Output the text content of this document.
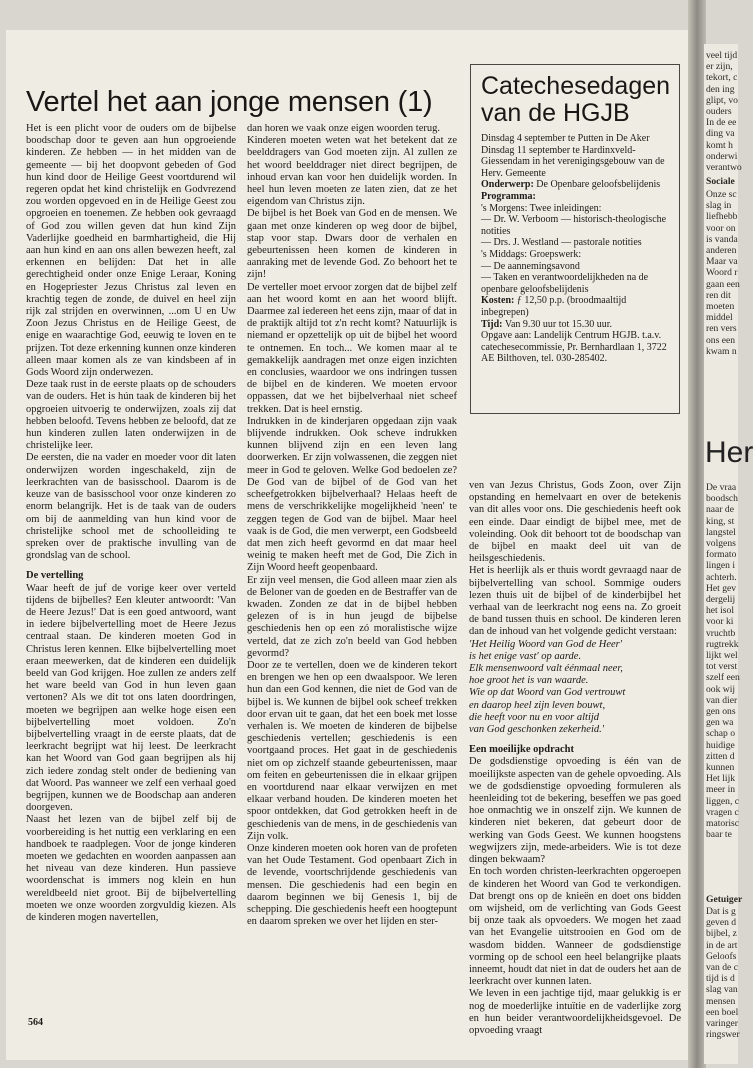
veel tijd
er zijn,
tekort, c
den ing
glipt, vo
ouders
In de ee
ding va
komt h
onderwi
verantwo
Sociale
Onze sc
slag in
liefhebb
voor on
is vanda
anderen
Maar va
Woord r
gaan een
ren dit
moeten
middel
ren vers
ons een
kwam n
Her
De vraa
boodsch
naar de
king, st
langstel
volgens
formato
lingen i
achterh.
Het gev
dergelij
het isol
voor ki
vruchtb
rugtrekk
lijkt wel
tot verst
szelf een
ook wij
van dier
gen ons
gen wa
schap o
huidige
zitten d
kunnen
Het lijk
meer in
liggen, c
vragen c
matorisc
baar te
Getuiger
Dat is g
geven d
bijbel, z
in de art
Geloofs
van de c
tijd is d
slag van
mensen
een boel
varinger
ringswer
Vertel het aan jonge mensen (1)

Het is een plicht voor de ouders om de bijbelse boodschap door te geven aan hun opgroeiende kinderen. Ze hebben — in het midden van de gemeente — bij het doopvont gebeden of God hun kind door de Heilige Geest voortdurend wil regeren opdat het kind christelijk en Godvrezend zou worden opgevoed en in de Heilige Geest zou opgroeien en toenemen. Ze hebben ook gevraagd of God zou willen geven dat hun kind Zijn Vaderlijke goedheid en barmhartigheid, die Hij aan hun kind en aan ons allen bewezen heeft, zal erkennen en belijden: Dat het in alle gerechtigheid onder onze Enige Leraar, Koning en Hogepriester Jezus Christus zal leven en krachtig tegen de zonde, de duivel en heel zijn rijk zal strijden en overwinnen, ...om U en Uw Zoon Jezus Christus en de Heilige Geest, de enige en waarachtige God, eeuwig te loven en te prijzen. Tot deze erkenning kunnen onze kinderen alleen maar komen als ze van kindsbeen af in Gods Woord zijn onderwezen.

Deze taak rust in de eerste plaats op de schouders van de ouders. Het is hún taak de kinderen bij het opgroeien uitvoerig te onderwijzen, zoals zij dat hebben beloofd. Tevens hebben ze beloofd, dat ze hun kinderen zullen laten onderwijzen in de christelijke leer.

De eersten, die na vader en moeder voor dit laten onderwijzen worden ingeschakeld, zijn de leerkrachten van de basisschool. Daarom is de keuze van de basisschool voor onze kinderen zo enorm belangrijk. Het is de taak van de ouders om bij de aanmelding van hun kind voor de christelijke school met de schoolleiding te spreken over de praktische invulling van de grondslag van de school.

De vertelling

Waar heeft de juf de vorige keer over verteld tijdens de bijbelles? Een kleuter antwoordt: 'Van de Heere Jezus!' Dat is een goed antwoord, want in iedere bijbelvertelling moet de Heere Jezus centraal staan. De kinderen moeten God in Christus leren kennen. Elke bijbelvertelling moet eraan meewerken, dat de kinderen een duidelijk beeld van God krijgen. Hoe zullen ze anders zelf het ware beeld van God in hun leven gaan vertonen? Als we dit tot ons laten doordringen, moeten we begrijpen aan welke hoge eisen een bijbelvertelling moet voldoen. Zo'n bijbelvertelling vraagt in de eerste plaats, dat de leerkracht begrijpt wat hij leest. De leerkracht kan het Woord van God gaan begrijpen als hij zich iedere zondag stelt onder de bediening van dat Woord. Pas wanneer we zelf een verhaal goed begrijpen, kunnen we de Boodschap aan anderen doorgeven.

Naast het lezen van de bijbel zelf bij de voorbereiding is het nuttig een verklaring en een handboek te raadplegen. Voor de jonge kinderen moeten we gedachten en woorden aanpassen aan het niveau van deze kinderen. Hun passieve woordenschat is immers nog klein en hun wereldbeeld niet groot. Bij de bijbelvertelling moeten we onze woorden zorgvuldig kiezen. Als de kinderen mogen navertellen,

dan horen we vaak onze eigen woorden terug.

Kinderen moeten weten wat het betekent dat ze beelddragers van God moeten zijn. Al zullen ze het woord beelddrager niet direct begrijpen, de inhoud ervan kan voor hen duidelijk worden. In heel hun leven moeten ze laten zien, dat ze het eigendom van Christus zijn.

De bijbel is het Boek van God en de mensen. We gaan met onze kinderen op weg door de bijbel, stap voor stap. Dwars door de verhalen en gebeurtenissen heen komen de kinderen in aanraking met de levende God. Zo behoort het te zijn!

De verteller moet ervoor zorgen dat de bijbel zelf aan het woord komt en aan het woord blijft. Daarmee zal iedereen het eens zijn, maar of dat in de praktijk altijd tot z'n recht komt? Natuurlijk is niemand er opzettelijk op uit de bijbel het woord te ontnemen. En toch... We komen maar al te gemakkelijk aandragen met onze eigen inzichten en conclusies, waardoor we ons indringen tussen de bijbel en de kinderen. We moeten ervoor oppassen, dat we het bijbelverhaal niet scheef trekken. Dat is heel ernstig.

Indrukken in de kinderjaren opgedaan zijn vaak blijvende indrukken. Ook scheve indrukken kunnen blijvend zijn en een leven lang doorwerken. Er zijn volwassenen, die zeggen niet meer in God te geloven. Welke God bedoelen ze? De God van de bijbel of de God van het scheefgetrokken bijbelverhaal? Helaas heeft de mens de verschrikkelijke mogelijkheid 'neen' te zeggen tegen de God van de bijbel. Maar heel vaak is de God, die men verwerpt, een Godsbeeld dat men zich heeft gevormd en dat maar heel weinig te maken heeft met de God, Die Zich in Zijn Woord heeft geopenbaard.

Er zijn veel mensen, die God alleen maar zien als de Beloner van de goeden en de Bestraffer van de kwaden. Zonden ze dat in de bijbel hebben gelezen of is in hun jeugd de bijbelse geschiedenis hen op een zó moralistische wijze verteld, dat ze zich zo'n beeld van God hebben gevormd?

Door ze te vertellen, doen we de kinderen tekort en brengen we hen op een dwaalspoor. We leren hun dan een God kennen, die niet de God van de bijbel is. We kunnen de bijbel ook scheef trekken door ervan uit te gaan, dat het een boek met losse verhalen is. We moeten de kinderen de bijbelse geschiedenis vertellen; geschiedenis is een voortgaand proces. Het gaat in de geschiedenis niet om op zichzelf staande gebeurtenissen, maar om feiten en gebeurtenissen die in elkaar grijpen en voortdurend naar elkaar verwijzen en met elkaar verband houden. De kinderen moeten het spoor ontdekken, dat God getrokken heeft in de geschiedenis van de mens, in de geschiedenis van Zijn volk.

Onze kinderen moeten ook horen van de profeten van het Oude Testament. God openbaart Zich in de levende, voortschrijdende geschiedenis van mensen. Die geschiedenis had een begin en daarom beginnen we bij Genesis 1, bij de schepping. Die geschiedenis heeft een hoogtepunt en daarom spreken we over het lijden en ster-

Catechesedagen van de HGJB
Dinsdag 4 september te Putten in De Aker
Dinsdag 11 september te Hardinxveld-Giessendam in het verenigingsgebouw van de Herv. Gemeente
Onderwerp: De Openbare geloofsbelijdenis
Programma:

's Morgens: Twee inleidingen:

— Dr. W. Verboom — historisch-theologische notities

— Drs. J. Westland — pastorale notities

's Middags: Groepswerk:

— De aannemingsavond

— Taken en verantwoordelijkheden na de openbare geloofsbelijdenis

Kosten: ƒ 12,50 p.p. (broodmaaltijd inbegrepen)
Tijd: Van 9.30 uur tot 15.30 uur.
Opgave aan: Landelijk Centrum HGJB. t.a.v. catechesecommissie, Pr. Bernhardlaan 1, 3722 AE Bilthoven, tel. 030-285402.

ven van Jezus Christus, Gods Zoon, over Zijn opstanding en hemelvaart en over de betekenis van dit alles voor ons. Die geschiedenis heeft ook een einde. Daar eindigt de bijbel mee, met de voleinding. Ook dit behoort tot de boodschap van de bijbel en maakt deel uit van de heilsgeschiedenis.

Het is heerlijk als er thuis wordt gevraagd naar de bijbelvertelling van school. Sommige ouders lezen thuis uit de bijbel of de kinderbijbel het verhaal van de leerkracht nog eens na. Zo groeit de band tussen thuis en school. De kinderen leren dan de inhoud van het volgende gedicht verstaan:

'Het Heilig Woord van God de Heer'
is het enige vast' op aarde.
Elk mensenwoord valt éénmaal neer,
hoe groot het is van waarde.
Wie op dat Woord van God vertrouwt
en daarop heel zijn leven bouwt,
die heeft voor nu en voor altijd
van God geschonken zekerheid.'

Een moeilijke opdracht

De godsdienstige opvoeding is één van de moeilijkste aspecten van de gehele opvoeding. Als we de godsdienstige opvoeding formuleren als heenleiding tot de bekering, beseffen we pas goed hoe onmachtig we in onszelf zijn. We kunnen de kinderen niet bekeren, dat gebeurt door de werking van Gods Geest. We kunnen hoogstens wegwijzers zijn, mede-arbeiders. Wie is tot deze dingen bekwaam?

En toch worden christen-leerkrachten opgeroepen de kinderen het Woord van God te verkondigen. Dat brengt ons op de knieën en doet ons bidden om wijsheid, om de verlichting van Gods Geest bij onze taak als opvoeders. We mogen het zaad van het Evangelie uitstrooien en God om de wasdom bidden. Wanneer de godsdienstige vorming op de school een heel belangrijke plaats inneemt, houdt dat niet in dat de ouders het aan de leerkracht over kunnen laten.

We leven in een jachtige tijd, maar gelukkig is er nog de moederlijke intuïtie en de vaderlijke zorg en hun beider verantwoordelijkheidsgevoel. De opvoeding vraagt

564
